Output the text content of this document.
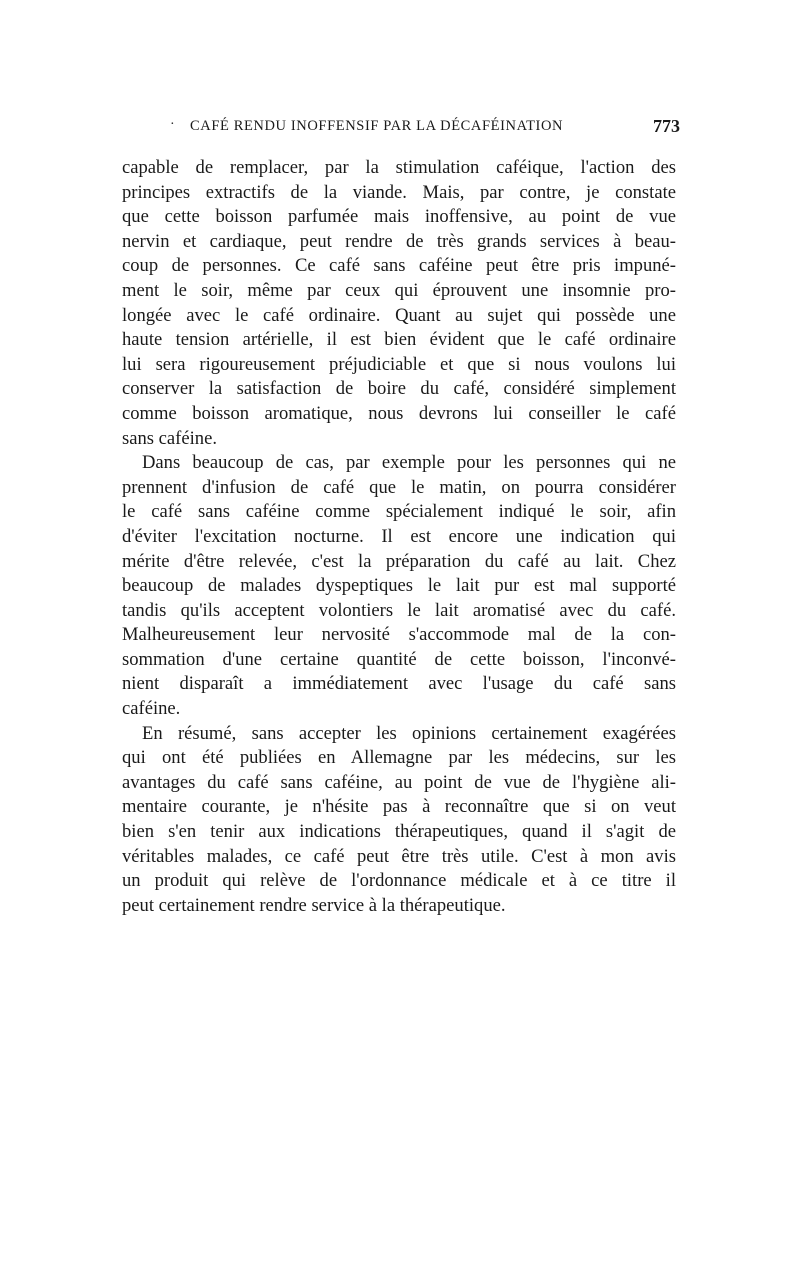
· CAFÉ RENDU INOFFENSIF PAR LA DÉCAFÉINATION	773
capable de remplacer, par la stimulation caféique, l'action des
principes extractifs de la viande. Mais, par contre, je constate
que cette boisson parfumée mais inoffensive, au point de vue
nervin et cardiaque, peut rendre de très grands services à beau-
coup de personnes. Ce café sans caféine peut être pris impuné-
ment le soir, même par ceux qui éprouvent une insomnie pro-
longée avec le café ordinaire. Quant au sujet qui possède une
haute tension artérielle, il est bien évident que le café ordinaire
lui sera rigoureusement préjudiciable et que si nous voulons lui
conserver la satisfaction de boire du café, considéré simplement
comme boisson aromatique, nous devrons lui conseiller le café
sans caféine.
Dans beaucoup de cas, par exemple pour les personnes qui ne
prennent d'infusion de café que le matin, on pourra considérer
le café sans caféine comme spécialement indiqué le soir, afin
d'éviter l'excitation nocturne. Il est encore une indication qui
mérite d'être relevée, c'est la préparation du café au lait. Chez
beaucoup de malades dyspeptiques le lait pur est mal supporté
tandis qu'ils acceptent volontiers le lait aromatisé avec du café.
Malheureusement leur nervosité s'accommode mal de la con-
sommation d'une certaine quantité de cette boisson, l'inconvé-
nient disparaît a immédiatement avec l'usage du café sans
caféine.
En résumé, sans accepter les opinions certainement exagérées
qui ont été publiées en Allemagne par les médecins, sur les
avantages du café sans caféine, au point de vue de l'hygiène ali-
mentaire courante, je n'hésite pas à reconnaître que si on veut
bien s'en tenir aux indications thérapeutiques, quand il s'agit de
véritables malades, ce café peut être très utile. C'est à mon avis
un produit qui relève de l'ordonnance médicale et à ce titre il
peut certainement rendre service à la thérapeutique.
